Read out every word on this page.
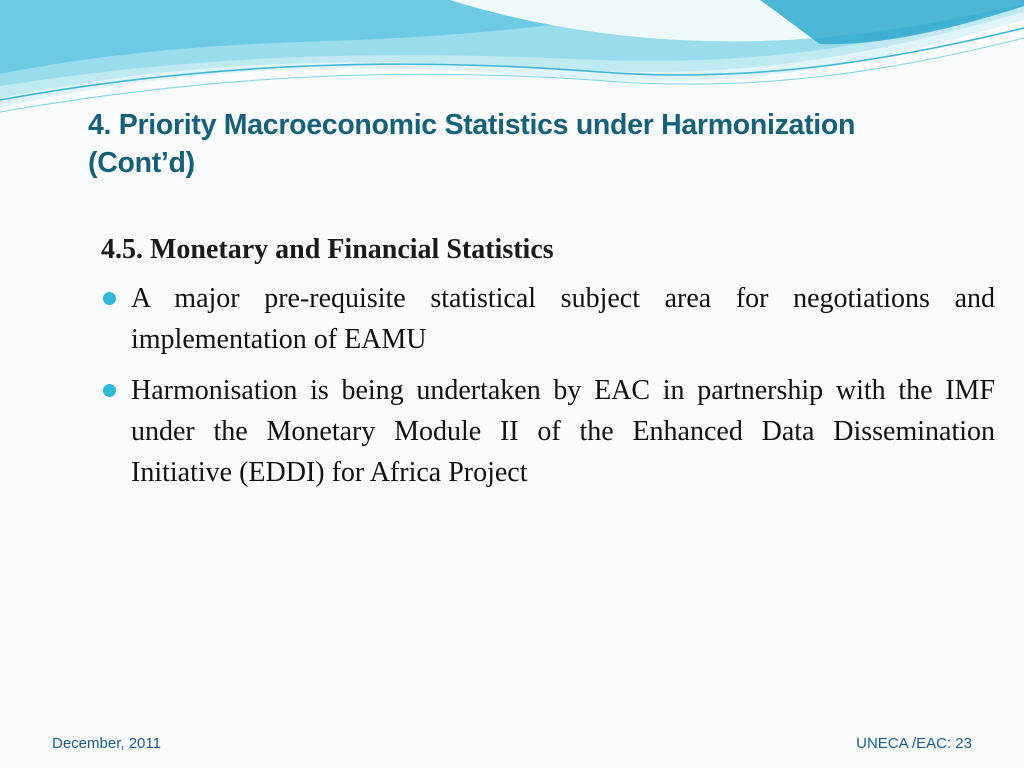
4. Priority Macroeconomic Statistics under Harmonization
(Cont’d)

4.5. Monetary and Financial Statistics

A major pre-requisite statistical subject area for negotiations and implementation of EAMU
Harmonisation is being undertaken by EAC in partnership with the IMF under the Monetary Module II of the Enhanced Data Dissemination Initiative (EDDI) for Africa Project
December, 2011	UNECA /EAC: 23
